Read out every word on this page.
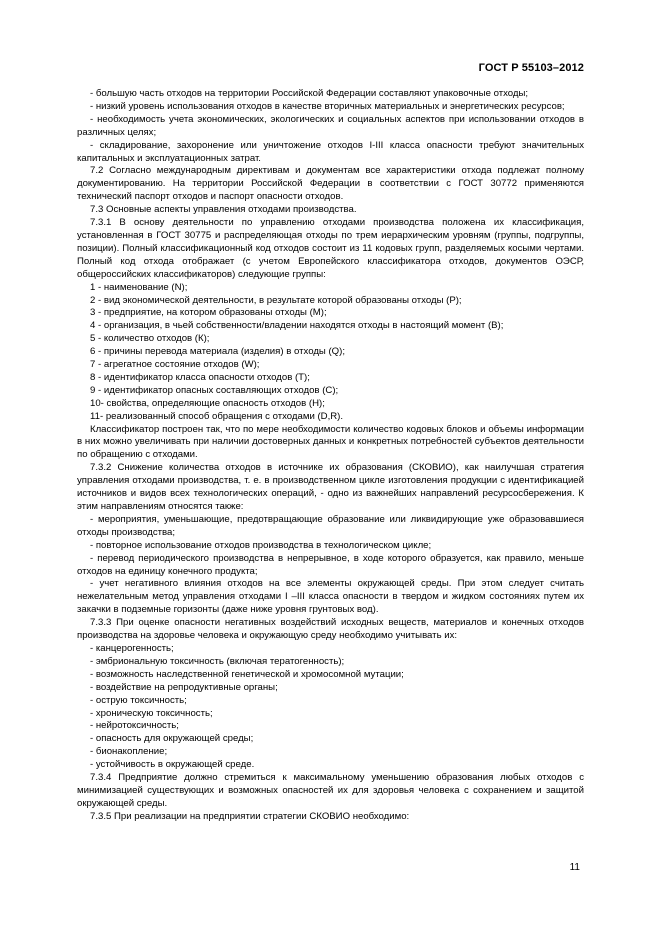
ГОСТ Р 55103–2012

- большую часть отходов на территории Российской Федерации составляют упаковочные отходы;

- низкий уровень использования отходов в качестве вторичных материальных и энергетических ресурсов;

- необходимость учета экономических, экологических и социальных аспектов при использовании отходов в различных целях;

- складирование, захоронение или уничтожение отходов I-III класса опасности требуют значительных капитальных и эксплуатационных затрат.

7.2 Согласно международным директивам и документам все характеристики отхода подлежат полному документированию. На территории Российской Федерации в соответствии с ГОСТ 30772 применяются технический паспорт отходов и паспорт опасности отходов.

7.3 Основные аспекты управления отходами производства.

7.3.1 В основу деятельности по управлению отходами производства положена их классификация, установленная в ГОСТ 30775 и распределяющая отходы по трем иерархическим уровням (группы, подгруппы, позиции). Полный классификационный код отходов состоит из 11 кодовых групп, разделяемых косыми чертами. Полный код отхода отображает (с учетом Европейского классификатора отходов, документов ОЭСР, общероссийских классификаторов) следующие группы:

1 - наименование (N);

2 - вид экономической деятельности, в результате которой образованы отходы (Р);

3 - предприятие, на котором образованы отходы (М);

4 - организация, в чьей собственности/владении находятся отходы в настоящий момент (В);

5 - количество отходов (К);

6 - причины перевода материала (изделия) в отходы (Q);

7 - агрегатное состояние отходов (W);

8 - идентификатор класса опасности отходов (Т);

9 - идентификатор опасных составляющих отходов (С);

10- свойства, определяющие опасность отходов (Н);

11- реализованный способ обращения с отходами (D,R).

Классификатор построен так, что по мере необходимости количество кодовых блоков и объемы информации в них можно увеличивать при наличии достоверных данных и конкретных потребностей субъектов деятельности по обращению с отходами.

7.3.2 Снижение количества отходов в источнике их образования (СКОВИО), как наилучшая стратегия управления отходами производства, т. е. в производственном цикле изготовления продукции с идентификацией источников и видов всех технологических операций, - одно из важнейших направлений ресурсосбережения. К этим направлениям относятся также:

- мероприятия, уменьшающие, предотвращающие образование или ликвидирующие уже образовавшиеся отходы производства;

- повторное использование отходов производства в технологическом цикле;

- перевод периодического производства в непрерывное, в ходе которого образуется, как правило, меньше отходов на единицу конечного продукта;

- учет негативного влияния отходов на все элементы окружающей среды. При этом следует считать нежелательным метод управления отходами I –III класса опасности в твердом и жидком состояниях путем их закачки в подземные горизонты (даже ниже уровня грунтовых вод).

7.3.3 При оценке опасности негативных воздействий исходных веществ, материалов и конечных отходов производства на здоровье человека и окружающую среду необходимо учитывать их:

- канцерогенность;

- эмбриональную токсичность (включая тератогенность);

- возможность наследственной генетической и хромосомной мутации;

- воздействие на репродуктивные органы;

- острую токсичность;

- хроническую токсичность;

- нейротоксичность;

- опасность для окружающей среды;

- бионакопление;

- устойчивость в окружающей среде.

7.3.4 Предприятие должно стремиться к максимальному уменьшению образования любых отходов с минимизацией существующих и возможных опасностей их для здоровья человека с сохранением и защитой окружающей среды.

7.3.5 При реализации на предприятии стратегии СКОВИО необходимо:

11
